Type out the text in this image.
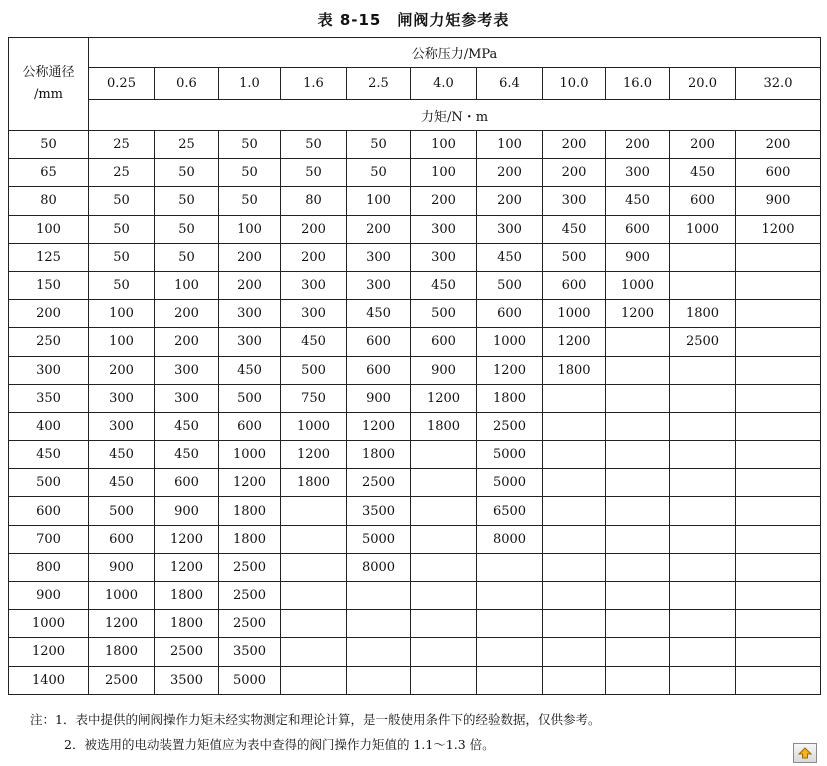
表 8-15　闸阀力矩参考表
公称通径
/mm	公称压力/MPa										
	0.25	0.6	1.0	1.6	2.5	4.0	6.4	10.0	16.0	20.0	32.0
	力矩/N・m										
50	25	25	50	50	50	100	100	200	200	200	200
65	25	50	50	50	50	100	200	200	300	450	600
80	50	50	50	80	100	200	200	300	450	600	900
100	50	50	100	200	200	300	300	450	600	1000	1200
125	50	50	200	200	300	300	450	500	900		
150	50	100	200	300	300	450	500	600	1000		
200	100	200	300	300	450	500	600	1000	1200	1800	
250	100	200	300	450	600	600	1000	1200		2500	
300	200	300	450	500	600	900	1200	1800			
350	300	300	500	750	900	1200	1800				
400	300	450	600	1000	1200	1800	2500				
450	450	450	1000	1200	1800		5000				
500	450	600	1200	1800	2500		5000				
600	500	900	1800		3500		6500				
700	600	1200	1800		5000		8000				
800	900	1200	2500		8000						
900	1000	1800	2500								
1000	1200	1800	2500								
1200	1800	2500	3500								
1400	2500	3500	5000								
注：1．表中提供的闸阀操作力矩未经实物测定和理论计算，是一般使用条件下的经验数据，仅供参考。
2．被选用的电动装置力矩值应为表中查得的阀门操作力矩值的 1.1～1.3 倍。
